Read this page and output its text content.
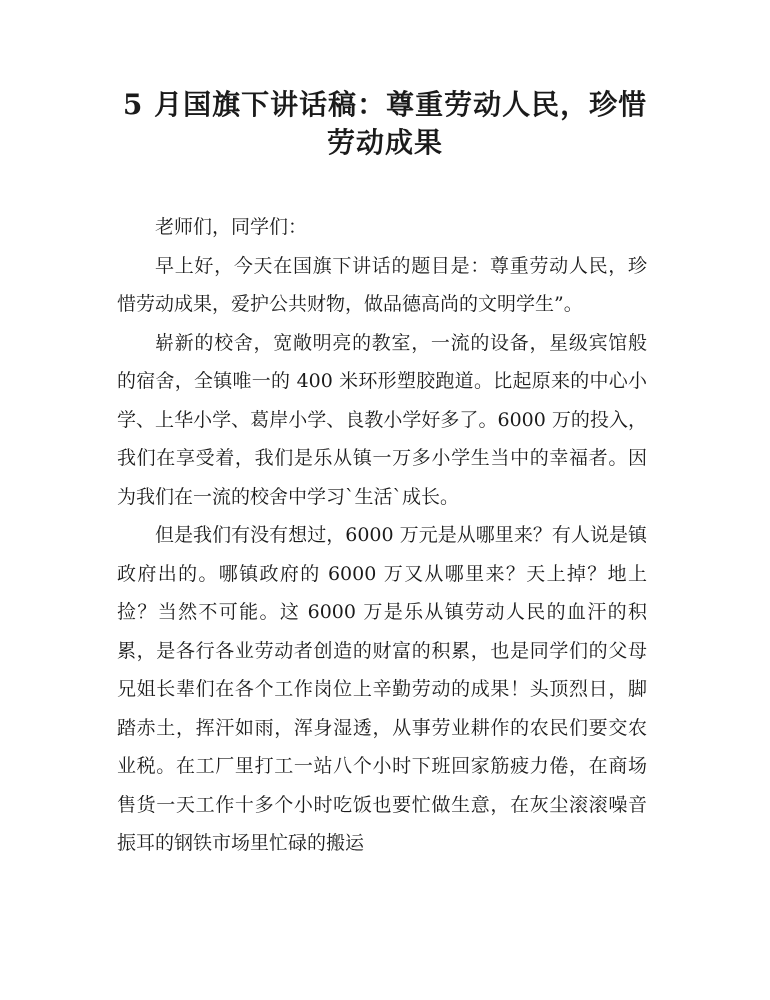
5 月国旗下讲话稿：尊重劳动人民，珍惜劳动成果

老师们，同学们：

早上好，今天在国旗下讲话的题目是：尊重劳动人民，珍惜劳动成果，爱护公共财物，做品德高尚的文明学生”。

崭新的校舍，宽敞明亮的教室，一流的设备，星级宾馆般的宿舍，全镇唯一的 400 米环形塑胶跑道。比起原来的中心小学、上华小学、葛岸小学、良教小学好多了。6000 万的投入，我们在享受着，我们是乐从镇一万多小学生当中的幸福者。因为我们在一流的校舍中学习`生活`成长。

但是我们有没有想过，6000 万元是从哪里来？有人说是镇政府出的。哪镇政府的 6000 万又从哪里来？天上掉？地上捡？当然不可能。这 6000 万是乐从镇劳动人民的血汗的积累，是各行各业劳动者创造的财富的积累，也是同学们的父母兄姐长辈们在各个工作岗位上辛勤劳动的成果！头顶烈日，脚踏赤土，挥汗如雨，浑身湿透，从事劳业耕作的农民们要交农业税。在工厂里打工一站八个小时下班回家筋疲力倦，在商场售货一天工作十多个小时吃饭也要忙做生意，在灰尘滚滚噪音振耳的钢铁市场里忙碌的搬运
